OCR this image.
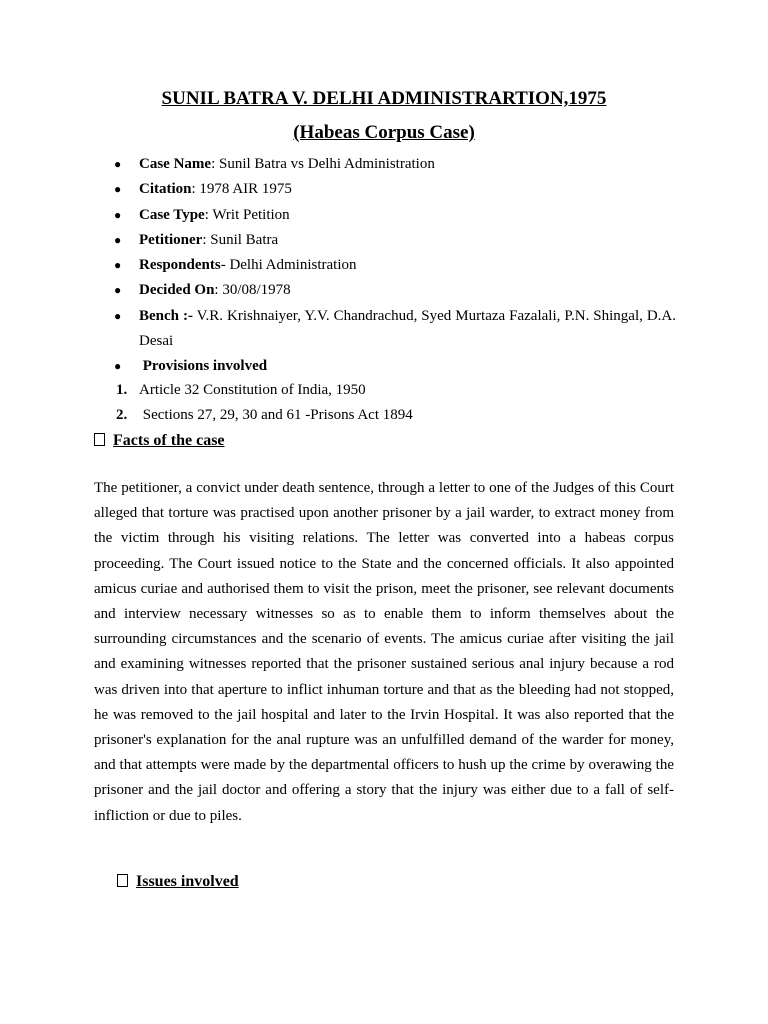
SUNIL BATRA V. DELHI ADMINISTRARTION,1975
(Habeas Corpus Case)
● Case Name: Sunil Batra vs Delhi Administration
● Citation: 1978 AIR 1975
● Case Type: Writ Petition
● Petitioner: Sunil Batra
● Respondents- Delhi Administration
● Decided On: 30/08/1978
● Bench :- V.R. Krishnaiyer, Y.V. Chandrachud, Syed Murtaza Fazalali, P.N. Shingal, D.A. Desai
● Provisions involved
1. Article 32 Constitution of India, 1950
2. Sections 27, 29, 30 and 61 -Prisons Act 1894
Facts of the case

The petitioner, a convict under death sentence, through a letter to one of the Judges of this Court alleged that torture was practised upon another prisoner by a jail warder, to extract money from the victim through his visiting relations. The letter was converted into a habeas corpus proceeding. The Court issued notice to the State and the concerned officials. It also appointed amicus curiae and authorised them to visit the prison, meet the prisoner, see relevant documents and interview necessary witnesses so as to enable them to inform themselves about the surrounding circumstances and the scenario of events. The amicus curiae after visiting the jail and examining witnesses reported that the prisoner sustained serious anal injury because a rod was driven into that aperture to inflict inhuman torture and that as the bleeding had not stopped, he was removed to the jail hospital and later to the Irvin Hospital. It was also reported that the prisoner's explanation for the anal rupture was an unfulfilled demand of the warder for money, and that attempts were made by the departmental officers to hush up the crime by overawing the prisoner and the jail doctor and offering a story that the injury was either due to a fall of self-infliction or due to piles.

Issues involved
